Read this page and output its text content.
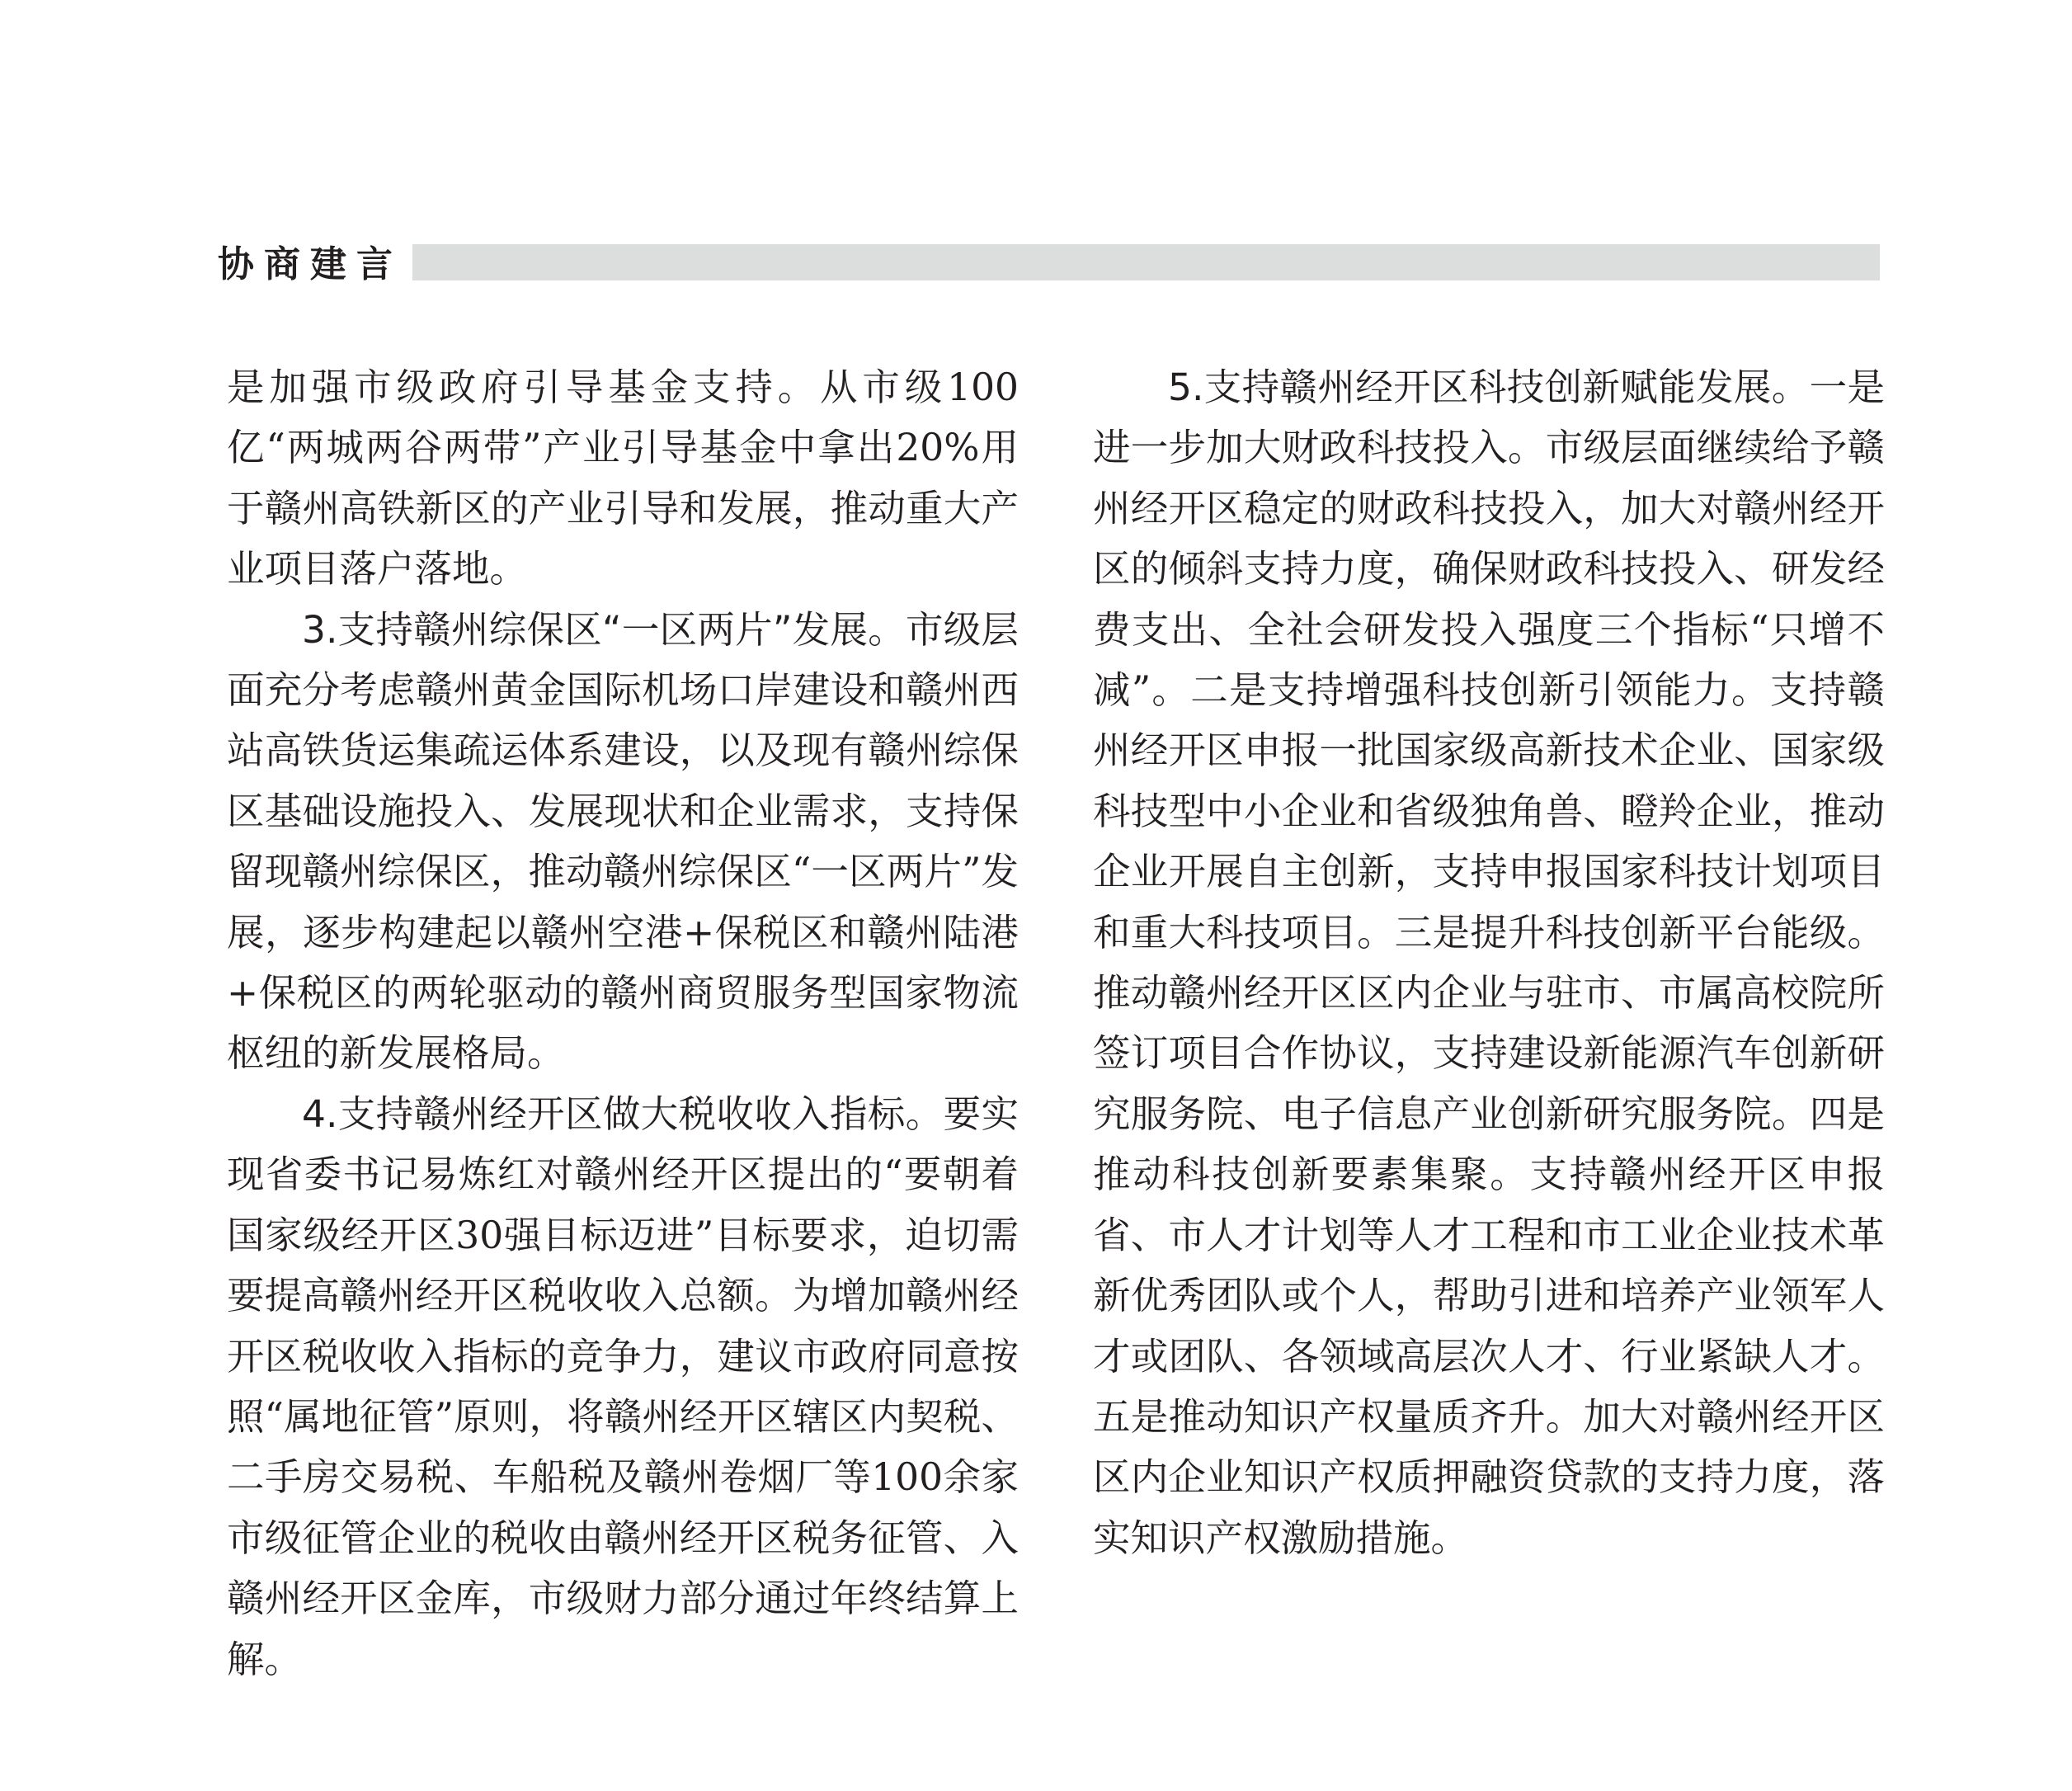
协商建言

是加强市级政府引导基金支持。从市级100亿“两城两谷两带”产业引导基金中拿出20%用于赣州高铁新区的产业引导和发展，推动重大产业项目落户落地。

3.支持赣州综保区“一区两片”发展。市级层面充分考虑赣州黄金国际机场口岸建设和赣州西站高铁货运集疏运体系建设，以及现有赣州综保区基础设施投入、发展现状和企业需求，支持保留现赣州综保区，推动赣州综保区“一区两片”发展，逐步构建起以赣州空港+保税区和赣州陆港+保税区的两轮驱动的赣州商贸服务型国家物流枢纽的新发展格局。

4.支持赣州经开区做大税收收入指标。要实现省委书记易炼红对赣州经开区提出的“要朝着国家级经开区30强目标迈进”目标要求，迫切需要提高赣州经开区税收收入总额。为增加赣州经开区税收收入指标的竞争力，建议市政府同意按照“属地征管”原则，将赣州经开区辖区内契税、二手房交易税、车船税及赣州卷烟厂等100余家市级征管企业的税收由赣州经开区税务征管、入赣州经开区金库，市级财力部分通过年终结算上解。

5.支持赣州经开区科技创新赋能发展。一是进一步加大财政科技投入。市级层面继续给予赣州经开区稳定的财政科技投入，加大对赣州经开区的倾斜支持力度，确保财政科技投入、研发经费支出、全社会研发投入强度三个指标“只增不减”。二是支持增强科技创新引领能力。支持赣州经开区申报一批国家级高新技术企业、国家级科技型中小企业和省级独角兽、瞪羚企业，推动企业开展自主创新，支持申报国家科技计划项目和重大科技项目。三是提升科技创新平台能级。推动赣州经开区区内企业与驻市、市属高校院所签订项目合作协议，支持建设新能源汽车创新研究服务院、电子信息产业创新研究服务院。四是推动科技创新要素集聚。支持赣州经开区申报省、市人才计划等人才工程和市工业企业技术革新优秀团队或个人，帮助引进和培养产业领军人才或团队、各领域高层次人才、行业紧缺人才。五是推动知识产权量质齐升。加大对赣州经开区区内企业知识产权质押融资贷款的支持力度，落实知识产权激励措施。
